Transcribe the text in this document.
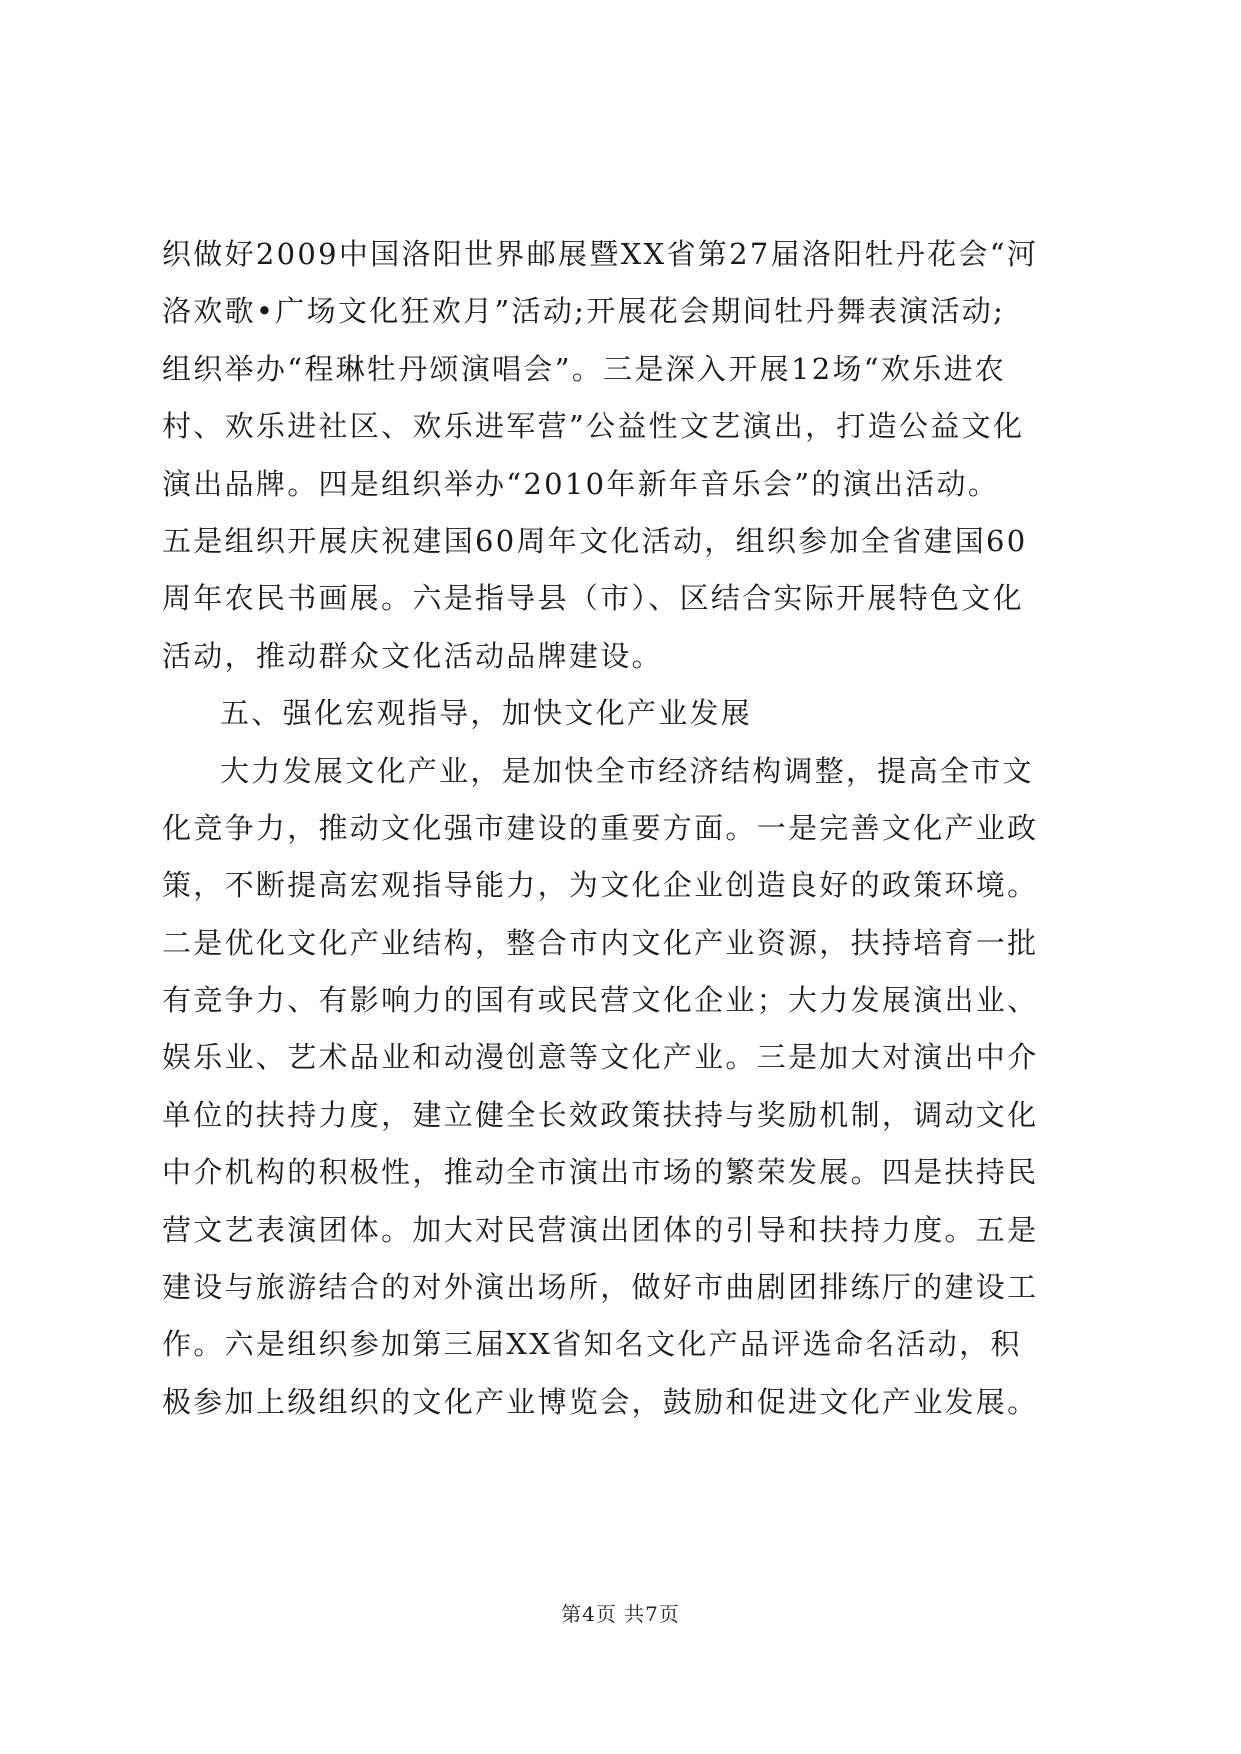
织做好2009中国洛阳世界邮展暨XX省第27届洛阳牡丹花会“河
洛欢歌•广场文化狂欢月”活动;开展花会期间牡丹舞表演活动;
组织举办“程琳牡丹颂演唱会”。三是深入开展12场“欢乐进农
村、欢乐进社区、欢乐进军营”公益性文艺演出，打造公益文化
演出品牌。四是组织举办“2010年新年音乐会”的演出活动。
五是组织开展庆祝建国60周年文化活动，组织参加全省建国60
周年农民书画展。六是指导县（市）、区结合实际开展特色文化
活动，推动群众文化活动品牌建设。
五、强化宏观指导，加快文化产业发展
大力发展文化产业，是加快全市经济结构调整，提高全市文
化竞争力，推动文化强市建设的重要方面。一是完善文化产业政
策，不断提高宏观指导能力，为文化企业创造良好的政策环境。
二是优化文化产业结构，整合市内文化产业资源，扶持培育一批
有竞争力、有影响力的国有或民营文化企业；大力发展演出业、
娱乐业、艺术品业和动漫创意等文化产业。三是加大对演出中介
单位的扶持力度，建立健全长效政策扶持与奖励机制，调动文化
中介机构的积极性，推动全市演出市场的繁荣发展。四是扶持民
营文艺表演团体。加大对民营演出团体的引导和扶持力度。五是
建设与旅游结合的对外演出场所，做好市曲剧团排练厅的建设工
作。六是组织参加第三届XX省知名文化产品评选命名活动，积
极参加上级组织的文化产业博览会，鼓励和促进文化产业发展。
第4页 共7页
